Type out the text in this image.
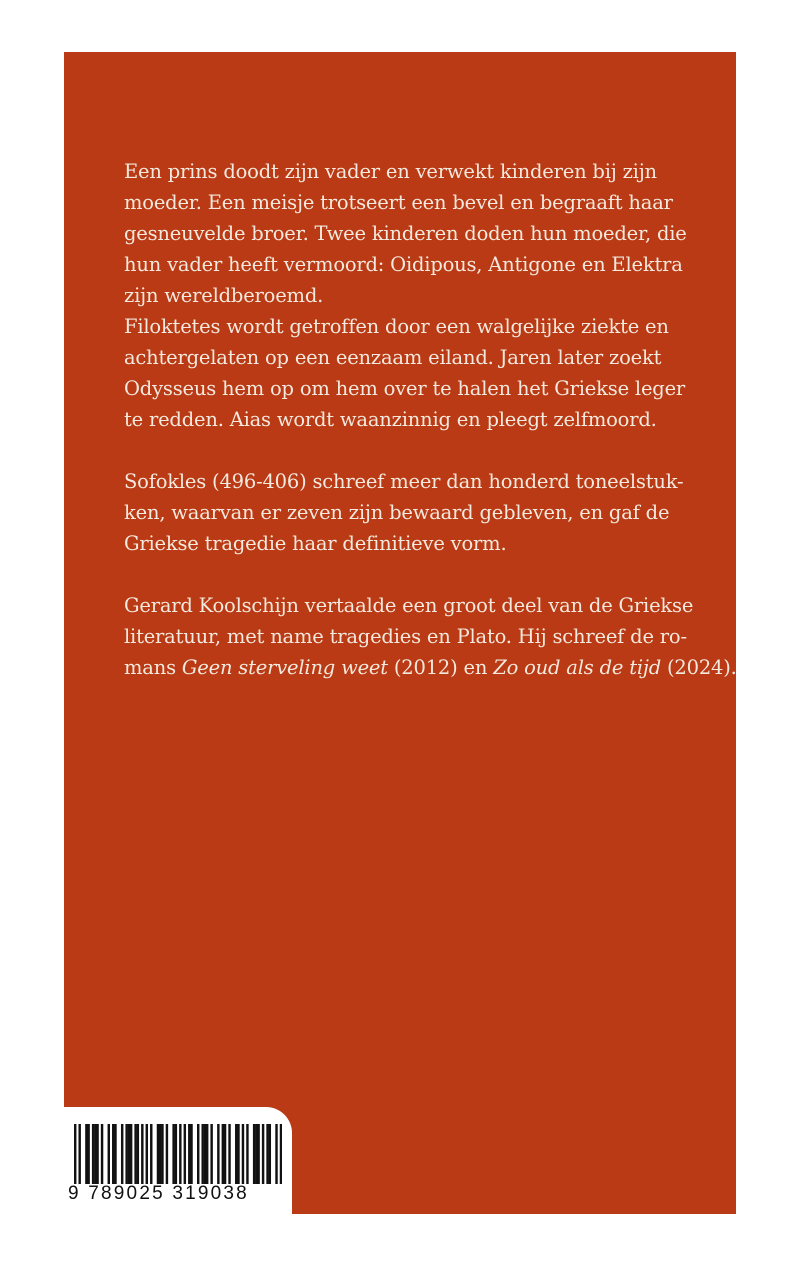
Een prins doodt zijn vader en verwekt kinderen bij zijn
moeder. Een meisje trotseert een bevel en begraaft haar
gesneuvelde broer. Twee kinderen doden hun moeder, die
hun vader heeft vermoord: Oidipous, Antigone en Elektra
zijn wereldberoemd.
Filoktetes wordt getroffen door een walgelijke ziekte en
achtergelaten op een eenzaam eiland. Jaren later zoekt
Odysseus hem op om hem over te halen het Griekse leger
te redden. Aias wordt waanzinnig en pleegt zelfmoord.
Sofokles (496-406) schreef meer dan honderd toneelstuk-
ken, waarvan er zeven zijn bewaard gebleven, en gaf de
Griekse tragedie haar definitieve vorm.
Gerard Koolschijn vertaalde een groot deel van de Griekse
literatuur, met name tragedies en Plato. Hij schreef de ro-
mans Geen sterveling weet (2012) en Zo oud als de tijd (2024).
9 789025 319038
